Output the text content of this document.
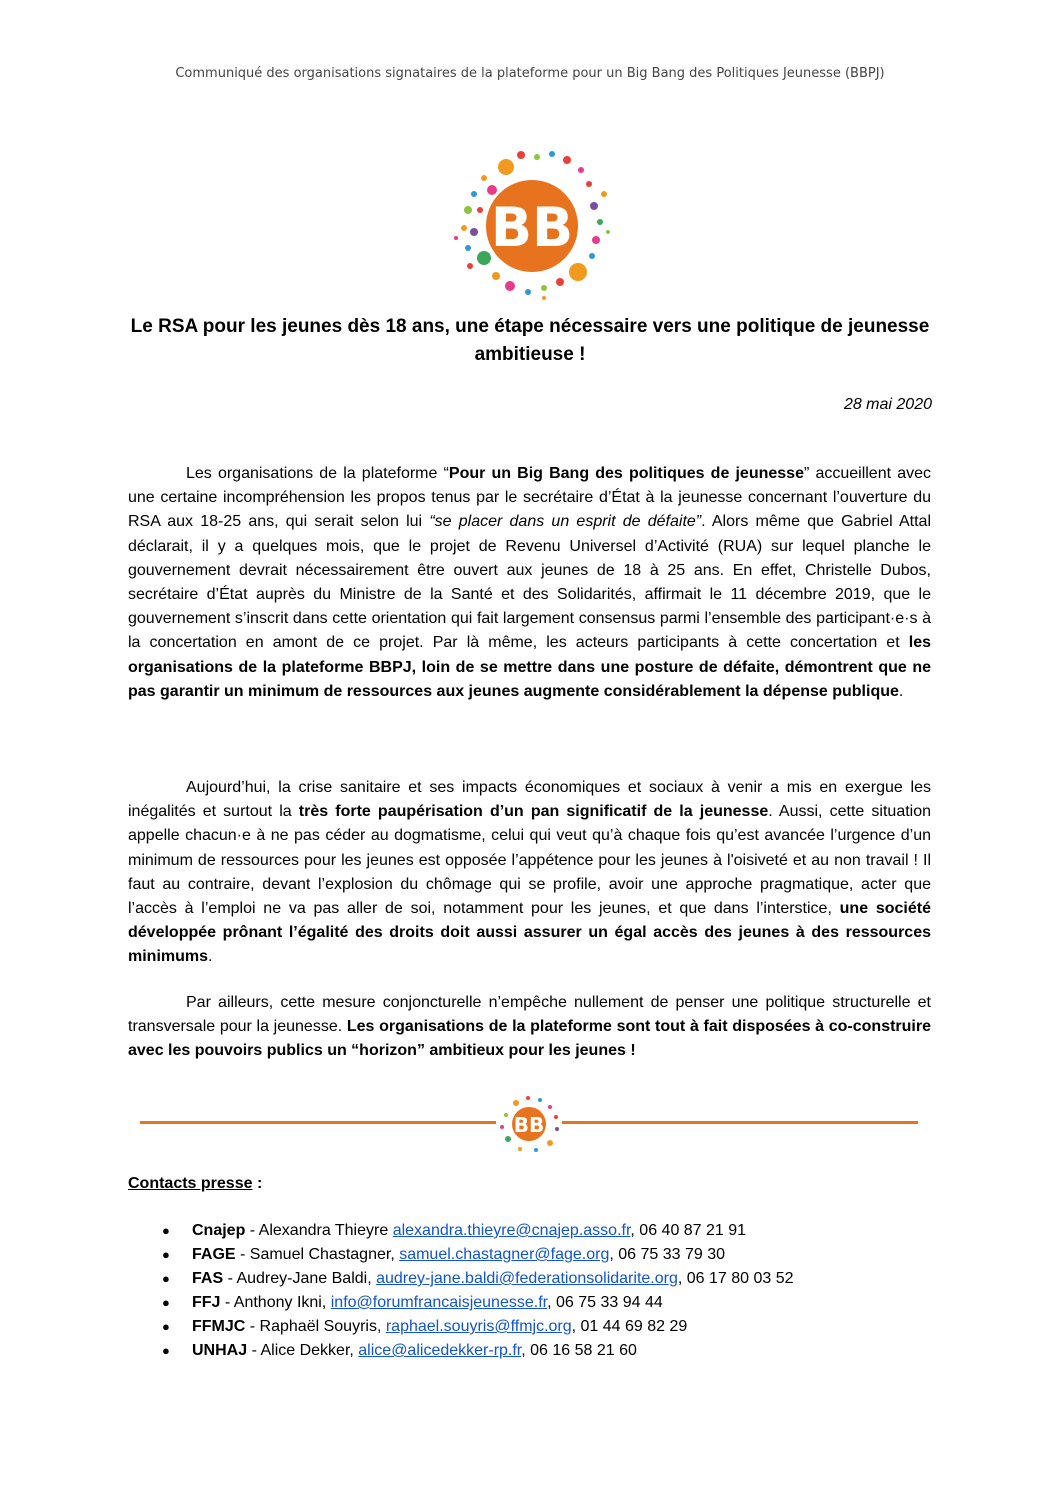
Communiqué des organisations signataires de la plateforme pour un Big Bang des Politiques Jeunesse (BBPJ)
BB
Le RSA pour les jeunes dès 18 ans, une étape nécessaire vers une politique de jeunesse ambitieuse !
28 mai 2020

Les organisations de la plateforme “Pour un Big Bang des politiques de jeunesse” accueillent avec une certaine incompréhension les propos tenus par le secrétaire d’État à la jeunesse concernant l’ouverture du RSA aux 18-25 ans, qui serait selon lui “se placer dans un esprit de défaite”. Alors même que Gabriel Attal déclarait, il y a quelques mois, que le projet de Revenu Universel d’Activité (RUA) sur lequel planche le gouvernement devrait nécessairement être ouvert aux jeunes de 18 à 25 ans. En effet, Christelle Dubos, secrétaire d’État auprès du Ministre de la Santé et des Solidarités, affirmait le 11 décembre 2019, que le gouvernement s’inscrit dans cette orientation qui fait largement consensus parmi l’ensemble des participant·e·s à la concertation en amont de ce projet. Par là même, les acteurs participants à cette concertation et les organisations de la plateforme BBPJ, loin de se mettre dans une posture de défaite, démontrent que ne pas garantir un minimum de ressources aux jeunes augmente considérablement la dépense publique.

Aujourd’hui, la crise sanitaire et ses impacts économiques et sociaux à venir a mis en exergue les inégalités et surtout la très forte paupérisation d’un pan significatif de la jeunesse. Aussi, cette situation appelle chacun·e à ne pas céder au dogmatisme, celui qui veut qu’à chaque fois qu’est avancée l’urgence d’un minimum de ressources pour les jeunes est opposée l’appétence pour les jeunes à l'oisiveté et au non travail ! Il faut au contraire, devant l’explosion du chômage qui se profile, avoir une approche pragmatique, acter que l’accès à l’emploi ne va pas aller de soi, notamment pour les jeunes, et que dans l’interstice, une société développée prônant l’égalité des droits doit aussi assurer un égal accès des jeunes à des ressources minimums.

Par ailleurs, cette mesure conjoncturelle n’empêche nullement de penser une politique structurelle et transversale pour la jeunesse. Les organisations de la plateforme sont tout à fait disposées à co-construire avec les pouvoirs publics un “horizon” ambitieux pour les jeunes !

BB
Contacts presse :
● Cnajep - Alexandra Thieyre alexandra.thieyre@cnajep.asso.fr, 06 40 87 21 91
● FAGE - Samuel Chastagner, samuel.chastagner@fage.org, 06 75 33 79 30
● FAS - Audrey-Jane Baldi, audrey-jane.baldi@federationsolidarite.org, 06 17 80 03 52
● FFJ - Anthony Ikni, info@forumfrancaisjeunesse.fr, 06 75 33 94 44
● FFMJC - Raphaël Souyris, raphael.souyris@ffmjc.org, 01 44 69 82 29
● UNHAJ - Alice Dekker, alice@alicedekker-rp.fr, 06 16 58 21 60
